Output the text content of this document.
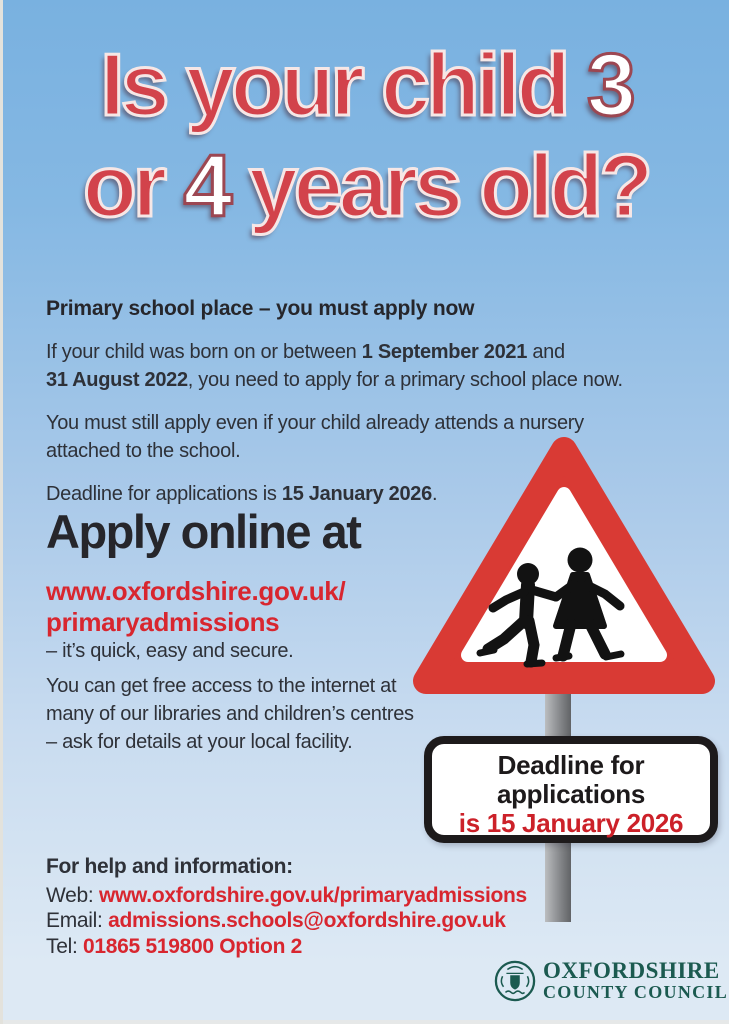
Is your child 3
or 4 years old?
Primary school place – you must apply now

If your child was born on or between 1 September 2021 and
31 August 2022, you need to apply for a primary school place now.

You must still apply even if your child already attends a nursery
attached to the school.

Deadline for applications is 15 January 2026.

Apply online at
www.oxfordshire.gov.uk/
primaryadmissions
– it’s quick, easy and secure.
You can get free access to the internet at
many of our libraries and children’s centres
– ask for details at your local facility.
Deadline for
applications
is 15 January 2026
For help and information:
Web: www.oxfordshire.gov.uk/primaryadmissions
Email: admissions.schools@oxfordshire.gov.uk
Tel: 01865 519800 Option 2
OXFORDSHIRE
COUNTY COUNCIL
